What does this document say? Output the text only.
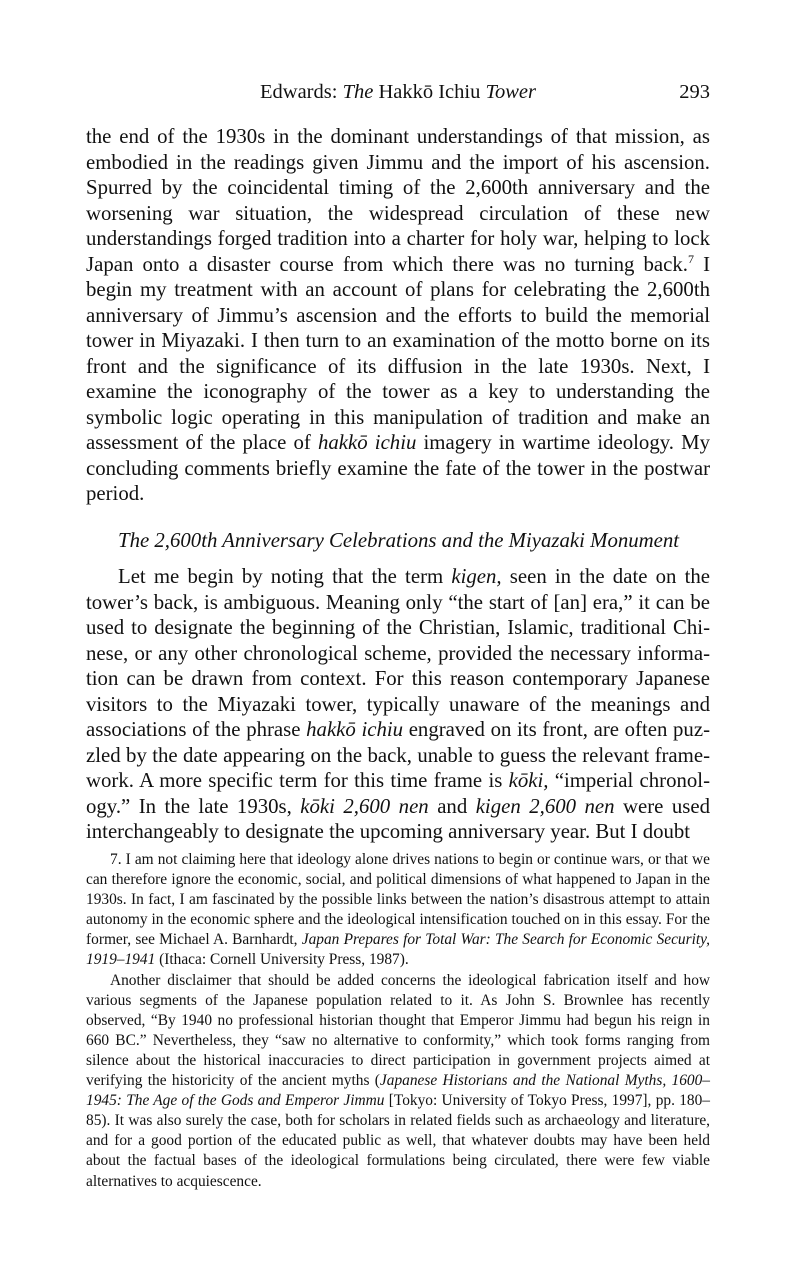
Edwards: The Hakkō Ichiu Tower	293

the end of the 1930s in the dominant understandings of that mission, as embodied in the readings given Jimmu and the import of his ascension. Spurred by the coincidental timing of the 2,600th anniversary and the worsening war situation, the widespread circulation of these new understandings forged tradition into a charter for holy war, helping to lock Japan onto a disaster course from which there was no turning back.$^7$ I begin my treatment with an account of plans for celebrating the 2,600th anniversary of Jimmu’s ascension and the efforts to build the memorial tower in Miyazaki. I then turn to an examination of the motto borne on its front and the significance of its diffusion in the late 1930s. Next, I examine the iconography of the tower as a key to understanding the symbolic logic operating in this manipulation of tradition and make an assessment of the place of hakkō ichiu imagery in wartime ideology. My concluding comments briefly examine the fate of the tower in the postwar period.

The 2,600th Anniversary Celebrations and the Miyazaki Monument

Let me begin by noting that the term kigen, seen in the date on the tower’s back, is ambiguous. Meaning only “the start of [an] era,” it can be used to designate the beginning of the Christian, Islamic, traditional Chinese, or any other chronological scheme, provided the necessary information can be drawn from context. For this reason contemporary Japanese visitors to the Miyazaki tower, typically unaware of the meanings and associations of the phrase hakkō ichiu engraved on its front, are often puzzled by the date appearing on the back, unable to guess the relevant framework. A more specific term for this time frame is kōki, “imperial chronology.” In the late 1930s, kōki 2,600 nen and kigen 2,600 nen were used interchangeably to designate the upcoming anniversary year. But I doubt

7. I am not claiming here that ideology alone drives nations to begin or continue wars, or that we can therefore ignore the economic, social, and political dimensions of what happened to Japan in the 1930s. In fact, I am fascinated by the possible links between the nation’s disastrous attempt to attain autonomy in the economic sphere and the ideological intensification touched on in this essay. For the former, see Michael A. Barnhardt, Japan Prepares for Total War: The Search for Economic Security, 1919–1941 (Ithaca: Cornell University Press, 1987).

Another disclaimer that should be added concerns the ideological fabrication itself and how various segments of the Japanese population related to it. As John S. Brownlee has recently observed, “By 1940 no professional historian thought that Emperor Jimmu had begun his reign in 660 BC.” Nevertheless, they “saw no alternative to conformity,” which took forms ranging from silence about the historical inaccuracies to direct participation in government projects aimed at verifying the historicity of the ancient myths (Japanese Historians and the National Myths, 1600–1945: The Age of the Gods and Emperor Jimmu [Tokyo: University of Tokyo Press, 1997], pp. 180–85). It was also surely the case, both for scholars in related fields such as archaeology and literature, and for a good portion of the educated public as well, that whatever doubts may have been held about the factual bases of the ideological formulations being circulated, there were few viable alternatives to acquiescence.
